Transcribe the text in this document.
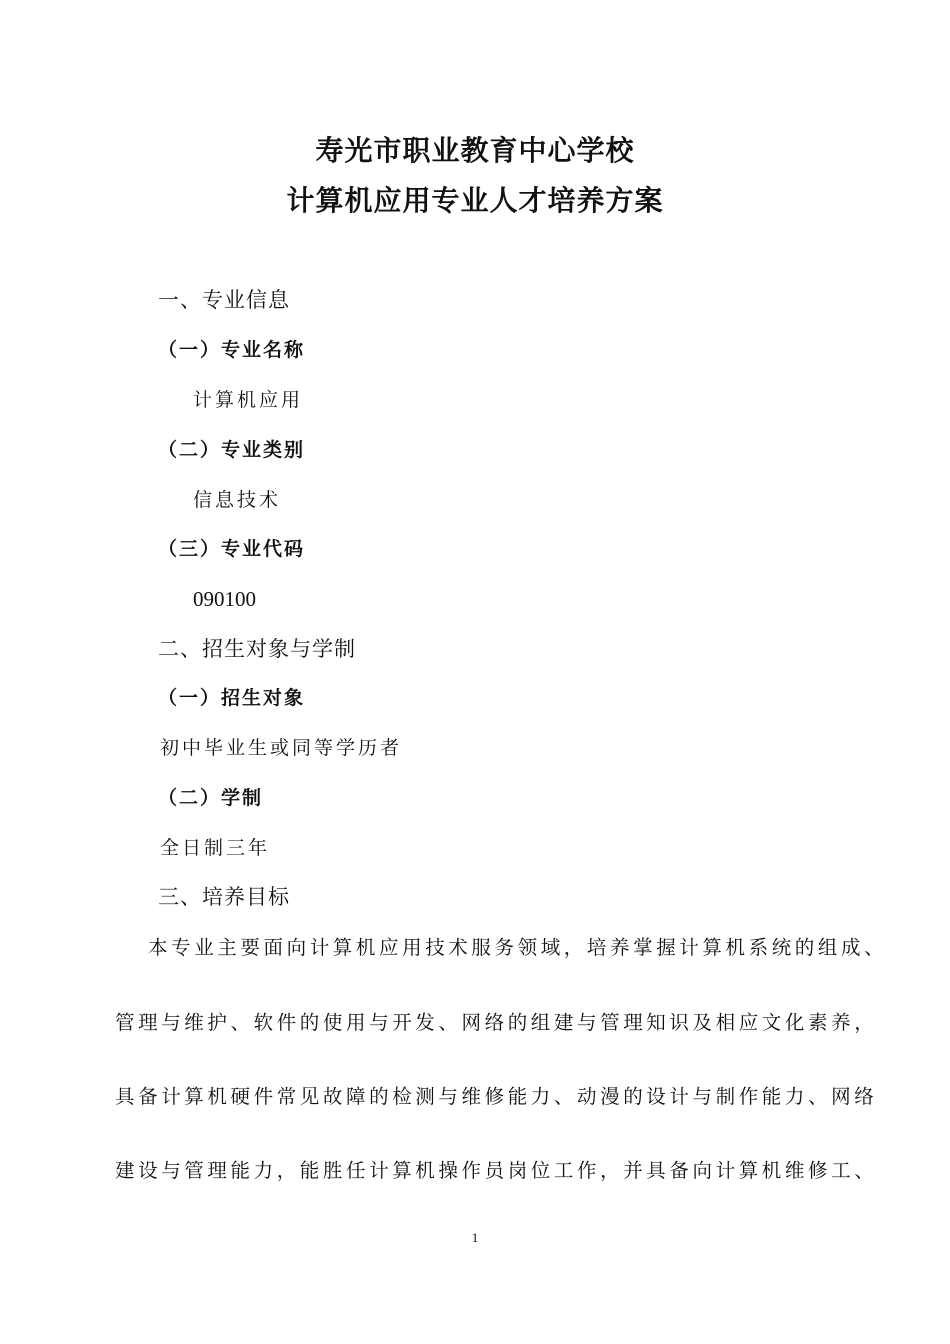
寿光市职业教育中心学校
计算机应用专业人才培养方案
一、专业信息
（一）专业名称
计算机应用
（二）专业类别
信息技术
（三）专业代码
090100
二、招生对象与学制
（一）招生对象
初中毕业生或同等学历者
（二）学制
全日制三年
三、培养目标
本专业主要面向计算机应用技术服务领域，培养掌握计算机系统的组成、
管理与维护、软件的使用与开发、网络的组建与管理知识及相应文化素养，
具备计算机硬件常见故障的检测与维修能力、动漫的设计与制作能力、网络
建设与管理能力，能胜任计算机操作员岗位工作，并具备向计算机维修工、
1
